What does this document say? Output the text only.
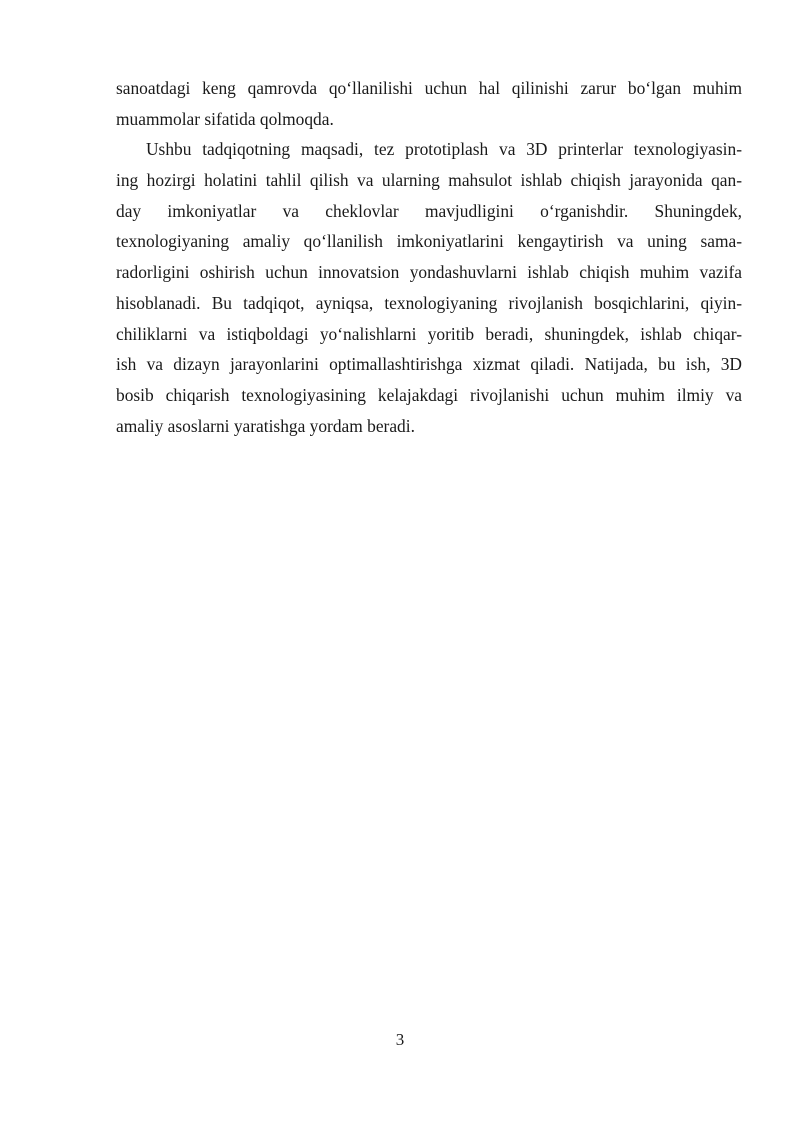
sanoatdagi keng qamrovda qo‘llanilishi uchun hal qilinishi zarur bo‘lgan muhim
muammolar sifatida qolmoqda.
Ushbu tadqiqotning maqsadi, tez prototiplash va 3D printerlar texnologiyasin-
ing hozirgi holatini tahlil qilish va ularning mahsulot ishlab chiqish jarayonida qan-
day imkoniyatlar va cheklovlar mavjudligini o‘rganishdir. Shuningdek,
texnologiyaning amaliy qo‘llanilish imkoniyatlarini kengaytirish va uning sama-
radorligini oshirish uchun innovatsion yondashuvlarni ishlab chiqish muhim vazifa
hisoblanadi. Bu tadqiqot, ayniqsa, texnologiyaning rivojlanish bosqichlarini, qiyin-
chiliklarni va istiqboldagi yo‘nalishlarni yoritib beradi, shuningdek, ishlab chiqar-
ish va dizayn jarayonlarini optimallashtirishga xizmat qiladi. Natijada, bu ish, 3D
bosib chiqarish texnologiyasining kelajakdagi rivojlanishi uchun muhim ilmiy va
amaliy asoslarni yaratishga yordam beradi.
3
